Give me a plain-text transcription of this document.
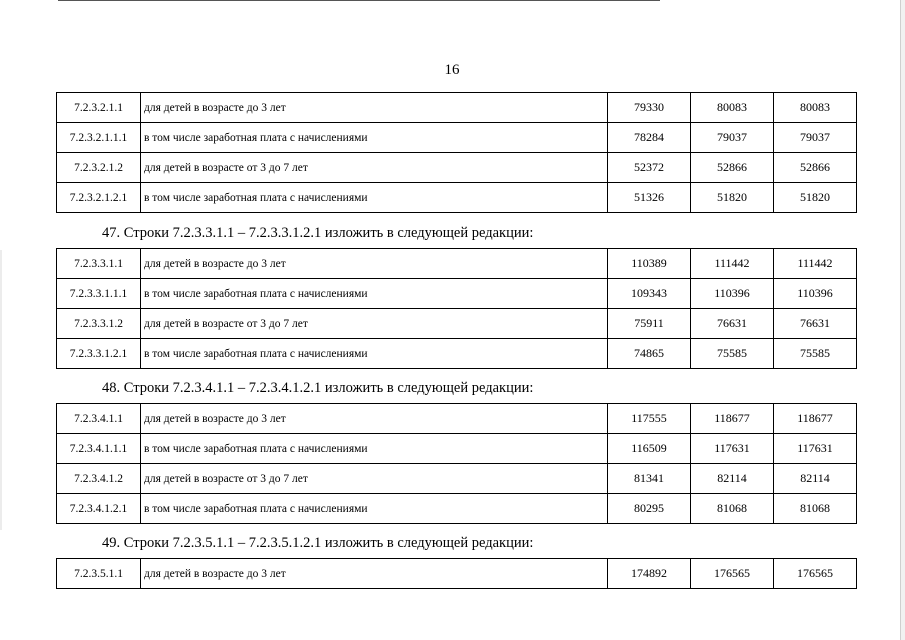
16
7.2.3.2.1.1	для детей в возрасте до 3 лет	79330	80083	80083
7.2.3.2.1.1.1	в том числе заработная плата с начислениями	78284	79037	79037
7.2.3.2.1.2	для детей в возрасте от 3 до 7 лет	52372	52866	52866
7.2.3.2.1.2.1	в том числе заработная плата с начислениями	51326	51820	51820
47. Строки 7.2.3.3.1.1 – 7.2.3.3.1.2.1 изложить в следующей редакции:
7.2.3.3.1.1	для детей в возрасте до 3 лет	110389	111442	111442
7.2.3.3.1.1.1	в том числе заработная плата с начислениями	109343	110396	110396
7.2.3.3.1.2	для детей в возрасте от 3 до 7 лет	75911	76631	76631
7.2.3.3.1.2.1	в том числе заработная плата с начислениями	74865	75585	75585
48. Строки 7.2.3.4.1.1 – 7.2.3.4.1.2.1 изложить в следующей редакции:
7.2.3.4.1.1	для детей в возрасте до 3 лет	117555	118677	118677
7.2.3.4.1.1.1	в том числе заработная плата с начислениями	116509	117631	117631
7.2.3.4.1.2	для детей в возрасте от 3 до 7 лет	81341	82114	82114
7.2.3.4.1.2.1	в том числе заработная плата с начислениями	80295	81068	81068
49. Строки 7.2.3.5.1.1 – 7.2.3.5.1.2.1 изложить в следующей редакции:
7.2.3.5.1.1	для детей в возрасте до 3 лет	174892	176565	176565
